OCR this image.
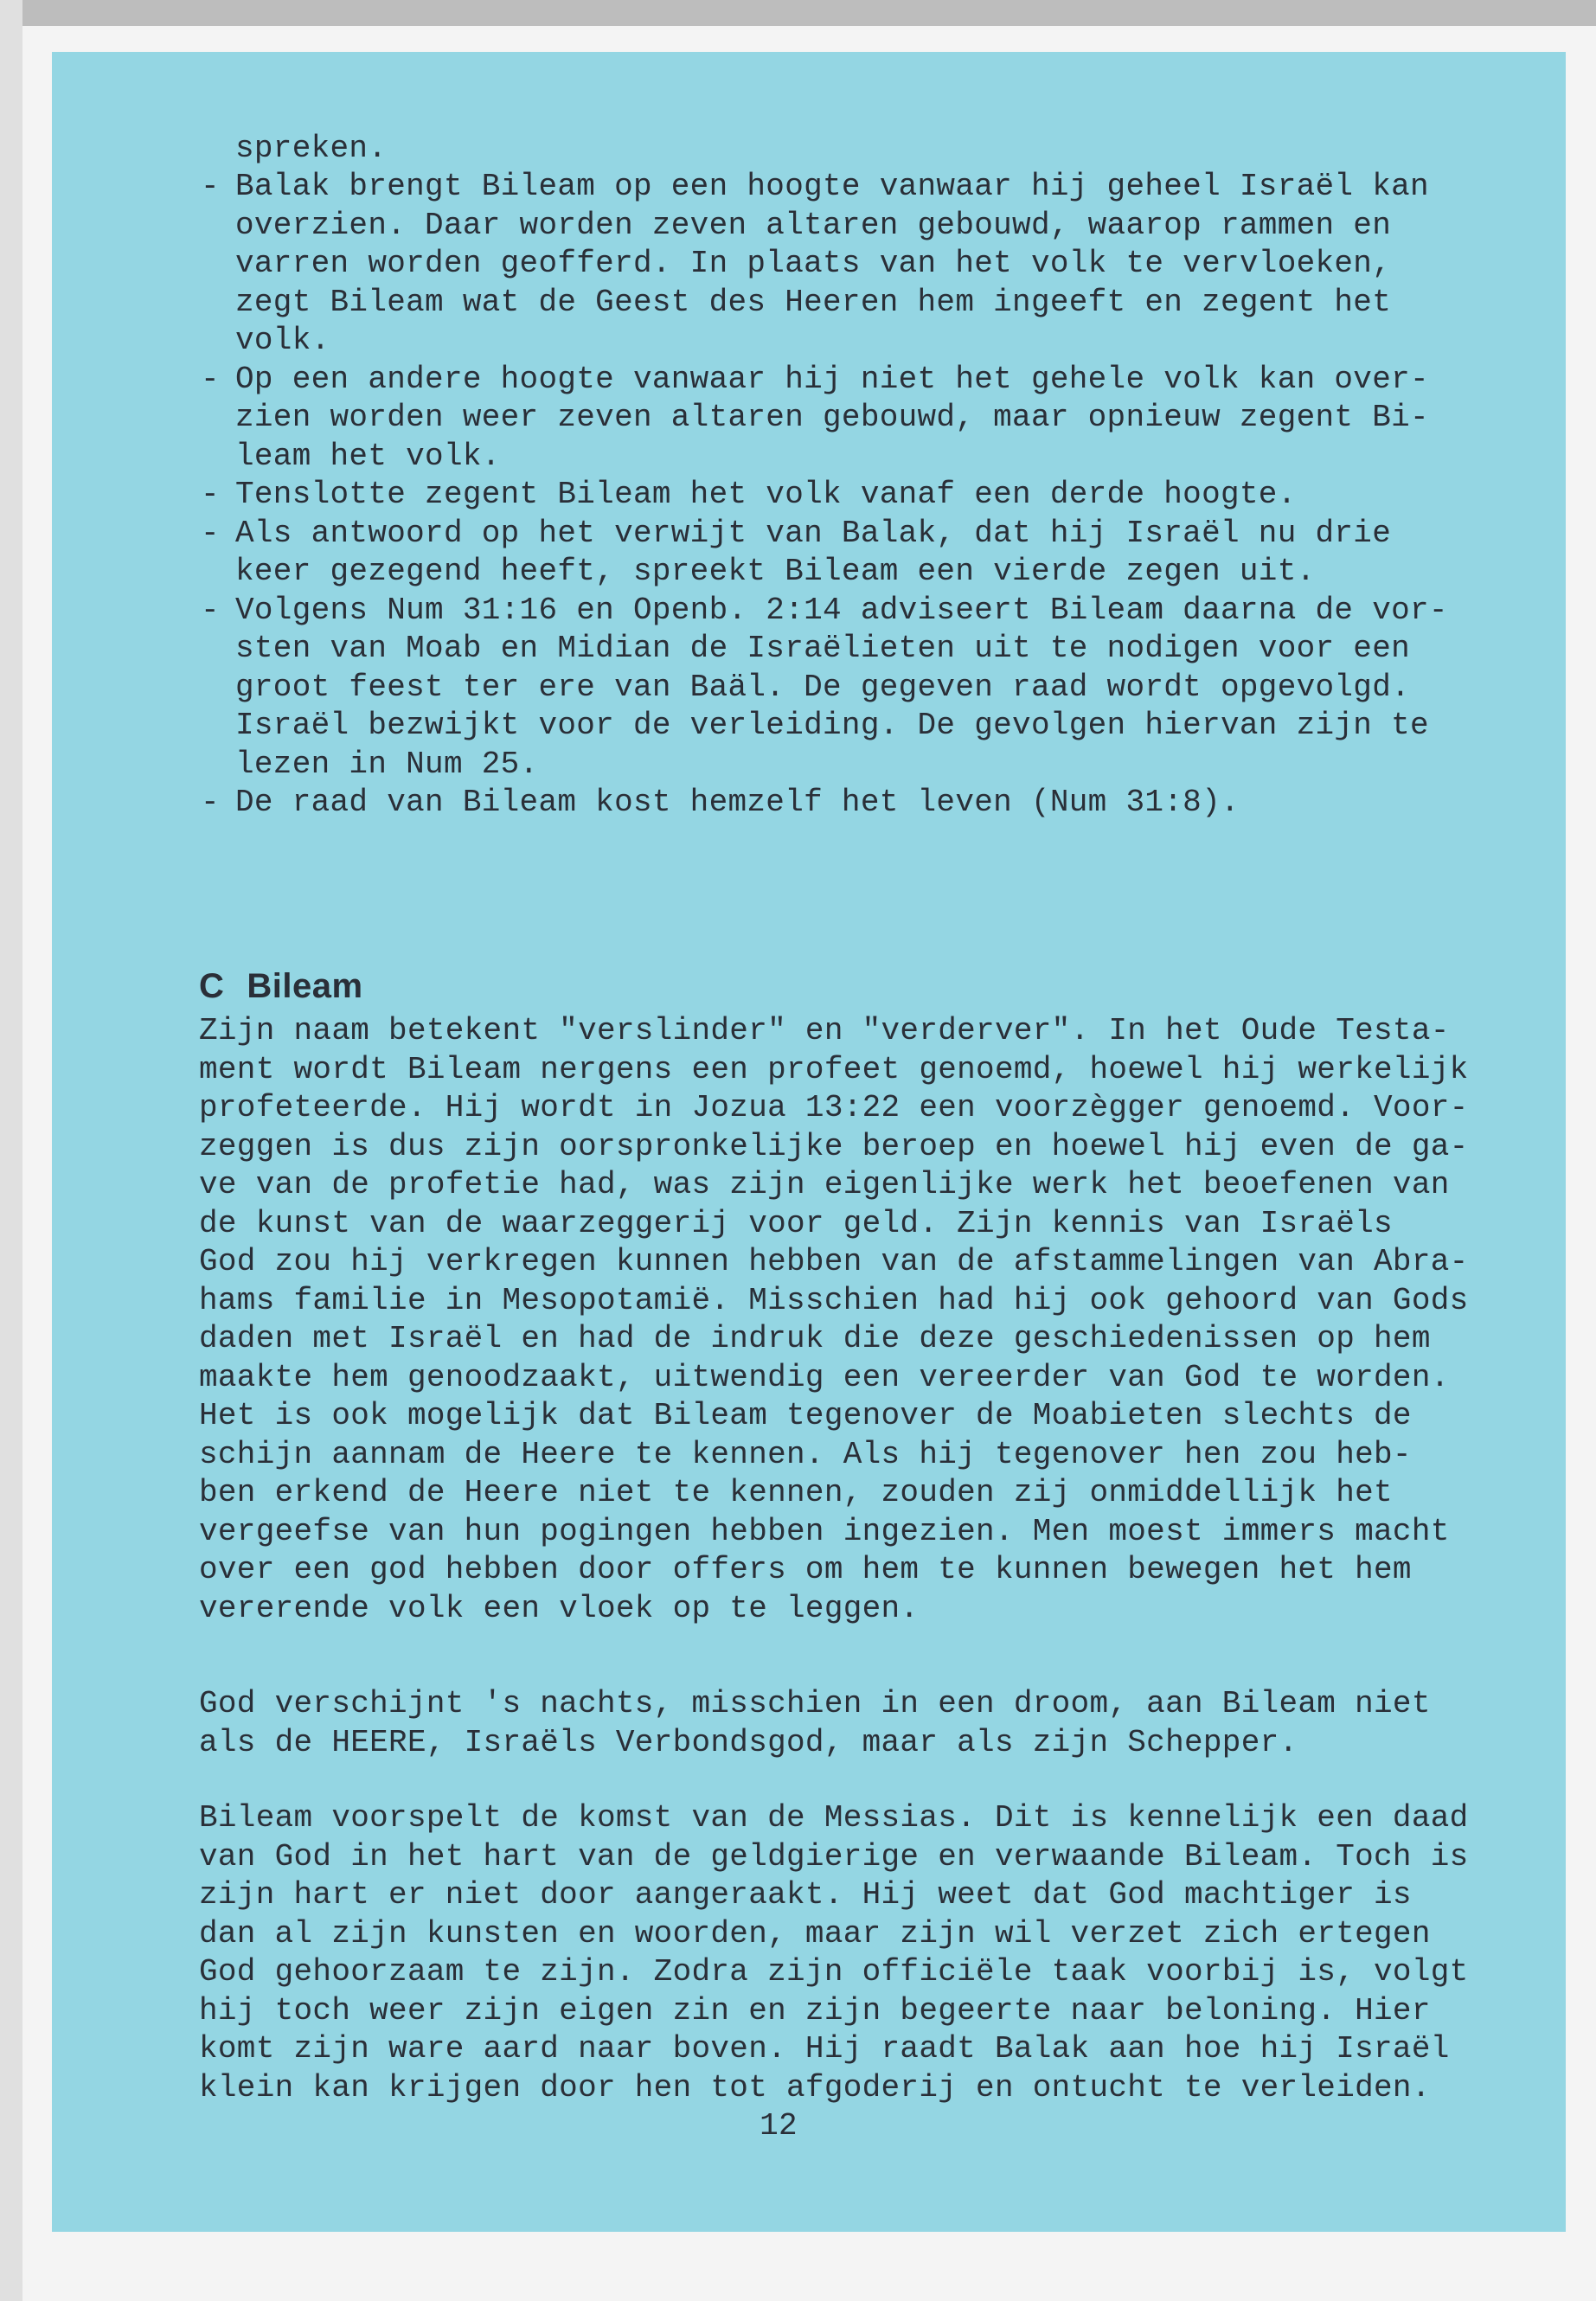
spreken.
- Balak brengt Bileam op een hoogte vanwaar hij geheel Israël kan
overzien. Daar worden zeven altaren gebouwd, waarop rammen en
varren worden geofferd. In plaats van het volk te vervloeken,
zegt Bileam wat de Geest des Heeren hem ingeeft en zegent het
volk.
- Op een andere hoogte vanwaar hij niet het gehele volk kan over-
zien worden weer zeven altaren gebouwd, maar opnieuw zegent Bi-
leam het volk.
- Tenslotte zegent Bileam het volk vanaf een derde hoogte.
- Als antwoord op het verwijt van Balak, dat hij Israël nu drie
keer gezegend heeft, spreekt Bileam een vierde zegen uit.
- Volgens Num 31:16 en Openb. 2:14 adviseert Bileam daarna de vor-
sten van Moab en Midian de Israëlieten uit te nodigen voor een
groot feest ter ere van Baäl. De gegeven raad wordt opgevolgd.
Israël bezwijkt voor de verleiding. De gevolgen hiervan zijn te
lezen in Num 25.
- De raad van Bileam kost hemzelf het leven (Num 31:8).
C Bileam
Zijn naam betekent "verslinder" en "verderver". In het Oude Testa-
ment wordt Bileam nergens een profeet genoemd, hoewel hij werkelijk
profeteerde. Hij wordt in Jozua 13:22 een voorzègger genoemd. Voor-
zeggen is dus zijn oorspronkelijke beroep en hoewel hij even de ga-
ve van de profetie had, was zijn eigenlijke werk het beoefenen van
de kunst van de waarzeggerij voor geld. Zijn kennis van Israëls
God zou hij verkregen kunnen hebben van de afstammelingen van Abra-
hams familie in Mesopotamië. Misschien had hij ook gehoord van Gods
daden met Israël en had de indruk die deze geschiedenissen op hem
maakte hem genoodzaakt, uitwendig een vereerder van God te worden.
Het is ook mogelijk dat Bileam tegenover de Moabieten slechts de
schijn aannam de Heere te kennen. Als hij tegenover hen zou heb-
ben erkend de Heere niet te kennen, zouden zij onmiddellijk het
vergeefse van hun pogingen hebben ingezien. Men moest immers macht
over een god hebben door offers om hem te kunnen bewegen het hem
vererende volk een vloek op te leggen.
God verschijnt 's nachts, misschien in een droom, aan Bileam niet
als de HEERE, Israëls Verbondsgod, maar als zijn Schepper.
Bileam voorspelt de komst van de Messias. Dit is kennelijk een daad
van God in het hart van de geldgierige en verwaande Bileam. Toch is
zijn hart er niet door aangeraakt. Hij weet dat God machtiger is
dan al zijn kunsten en woorden, maar zijn wil verzet zich ertegen
God gehoorzaam te zijn. Zodra zijn officiële taak voorbij is, volgt
hij toch weer zijn eigen zin en zijn begeerte naar beloning. Hier
komt zijn ware aard naar boven. Hij raadt Balak aan hoe hij Israël
klein kan krijgen door hen tot afgoderij en ontucht te verleiden.
12
